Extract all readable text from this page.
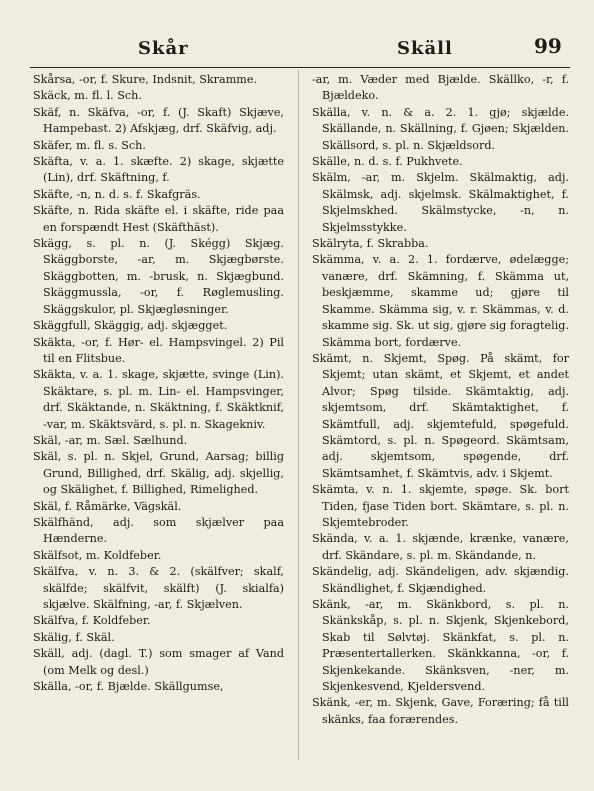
Skår	Skäll	99

Skårsa, -or, f. Skure, Indsnit, Skramme.

Skäck, m. fl. l. Sch.

Skäf, n. Skäfva, -or, f. (J. Skaft) Skjæve, Hampebast. 2) Afskjæg, drf. Skäfvig, adj.

Skäfer, m. fl. s. Sch.

Skäfta, v. a. 1. skæfte. 2) skage, skjætte (Lin), drf. Skäftning, f.

Skäfte, -n, n. d. s. f. Skafgräs.

Skäfte, n. Rida skäfte el. i skäfte, ride paa en forspændt Hest (Skäfthäst).

Skägg, s. pl. n. (J. Skégg) Skjæg. Skäggborste, -ar, m. Skjægbørste. Skäggbotten, m. -brusk, n. Skjægbund. Skäggmussla, -or, f. Røglemusling. Skäggskulor, pl. Skjægløsninger.

Skäggfull, Skäggig, adj. skjægget.

Skäkta, -or, f. Hør- el. Hampsvingel. 2) Pil til en Flitsbue.

Skäkta, v. a. 1. skage, skjætte, svinge (Lin). Skäktare, s. pl. m. Lin- el. Hampsvinger, drf. Skäktande, n. Skäktning, f. Skäktknif, -var, m. Skäktsvärd, s. pl. n. Skagekniv.

Skäl, -ar, m. Sæl. Sælhund.

Skäl, s. pl. n. Skjel, Grund, Aarsag; billig Grund, Billighed, drf. Skälig, adj. skjellig, og Skälighet, f. Billighed, Rimelighed.

Skäl, f. Råmärke, Vägskäl.

Skälfhänd, adj. som skjælver paa Hænderne.

Skälfsot, m. Koldfeber.

Skälfva, v. n. 3. & 2. (skälfver; skalf, skälfde; skälfvit, skälft) (J. skialfa) skjælve. Skälfning, -ar, f. Skjælven.

Skälfva, f. Koldfeber.

Skälig, f. Skäl.

Skäll, adj. (dagl. T.) som smager af Vand (om Melk og desl.)

Skälla, -or, f. Bjælde. Skällgumse,

-ar, m. Væder med Bjælde. Skällko, -r, f. Bjældeko.

Skälla, v. n. & a. 2. 1. gjø; skjælde. Skällande, n. Skällning, f. Gjøen; Skjælden. Skällsord, s. pl. n. Skjældsord.

Skälle, n. d. s. f. Pukhvete.

Skälm, -ar, m. Skjelm. Skälmaktig, adj. Skälmsk, adj. skjelmsk. Skälmaktighet, f. Skjelmskhed. Skälmstycke, -n, n. Skjelmsstykke.

Skälryta, f. Skrabba.

Skämma, v. a. 2. 1. fordærve, ødelægge; vanære, drf. Skämning, f. Skämma ut, beskjæmme, skamme ud; gjøre til Skamme. Skämma sig, v. r. Skämmas, v. d. skamme sig. Sk. ut sig, gjøre sig foragtelig. Skämma bort, fordærve.

Skämt, n. Skjemt, Spøg. På skämt, for Skjemt; utan skämt, et Skjemt, et andet Alvor; Spøg tilside. Skämtaktig, adj. skjemtsom, drf. Skämtaktighet, f. Skämtfull, adj. skjemtefuld, spøgefuld. Skämtord, s. pl. n. Spøgeord. Skämtsam, adj. skjemtsom, spøgende, drf. Skämtsamhet, f. Skämtvis, adv. i Skjemt.

Skämta, v. n. 1. skjemte, spøge. Sk. bort Tiden, fjase Tiden bort. Skämtare, s. pl. n. Skjemtebroder.

Skända, v. a. 1. skjænde, krænke, vanære, drf. Skändare, s. pl. m. Skändande, n.

Skändelig, adj. Skändeligen, adv. skjændig. Skändlighet, f. Skjændighed.

Skänk, -ar, m. Skänkbord, s. pl. n. Skänkskåp, s. pl. n. Skjenk, Skjenkebord, Skab til Sølvtøj. Skänkfat, s. pl. n. Præsentertallerken. Skänkkanna, -or, f. Skjenkekande. Skänksven, -ner, m. Skjenkesvend, Kjeldersvend.

Skänk, -er, m. Skjenk, Gave, Foræring; få till skänks, faa forærendes.
